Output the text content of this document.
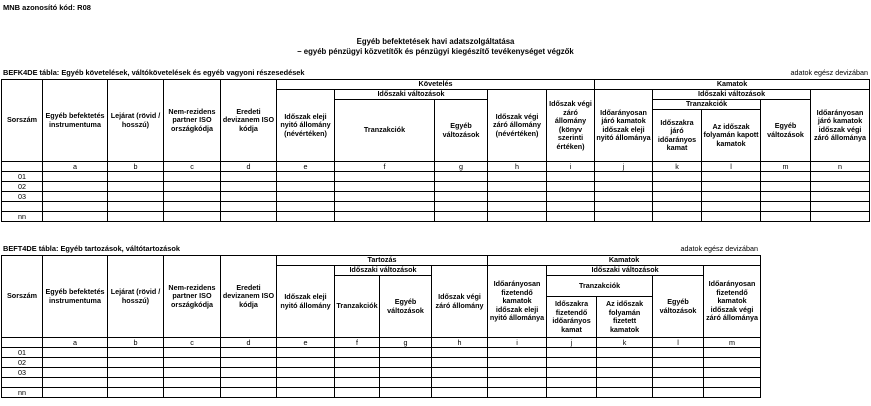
MNB azonosító kód: R08
Egyéb befektetések havi adatszolgáltatása
– egyéb pénzügyi közvetítők és pénzügyi kiegészítő tevékenységet végzők
BEFK4DE tábla: Egyéb követelések, váltókövetelések és egyéb vagyoni részesedések	adatok egész devizában
Sorszám	Egyéb befektetés instrumentuma	Lejárat (rövid / hosszú)	Nem-rezidens partner ISO országkódja	Eredeti devizanem ISO kódja	Követelés					Kamatok				
					Időszak eleji nyitó állomány (névértéken)	Időszaki változások		Időszak végi záró állomány (névértéken)	Időszak végi záró állomány (könyv szerinti értéken)	Időarányosan járó kamatok időszak eleji nyitó állománya	Időszaki változások			Időarányosan járó kamatok időszak végi záró állománya
						Tranzakciók	Egyéb változások				Tranzakciók		Egyéb változások	
											Időszakra járó időarányos kamat	Az időszak folyamán kapott kamatok		
	a	b	c	d	e	f	g	h	i	j	k	l	m	n
01														
02														
03														

nn														
BEFT4DE tábla: Egyéb tartozások, váltótartozások	adatok egész devizában
Sorszám	Egyéb befektetés instrumentuma	Lejárat (rövid / hosszú)	Nem-rezidens partner ISO országkódja	Eredeti devizanem ISO kódja	Tartozás				Kamatok				
					Időszak eleji nyitó állomány	Időszaki változások		Időszak végi záró állomány	Időarányosan fizetendő kamatok időszak eleji nyitó állománya	Időszaki változások			Időarányosan fizetendő kamatok időszak végi záró állománya
						Tranzakciók	Egyéb változások			Tranzakciók		Egyéb változások	
										Időszakra fizetendő időarányos kamat	Az időszak folyamán fizetett kamatok		
	a	b	c	d	e	f	g	h	i	j	k	l	m
01													
02													
03													

nn													
